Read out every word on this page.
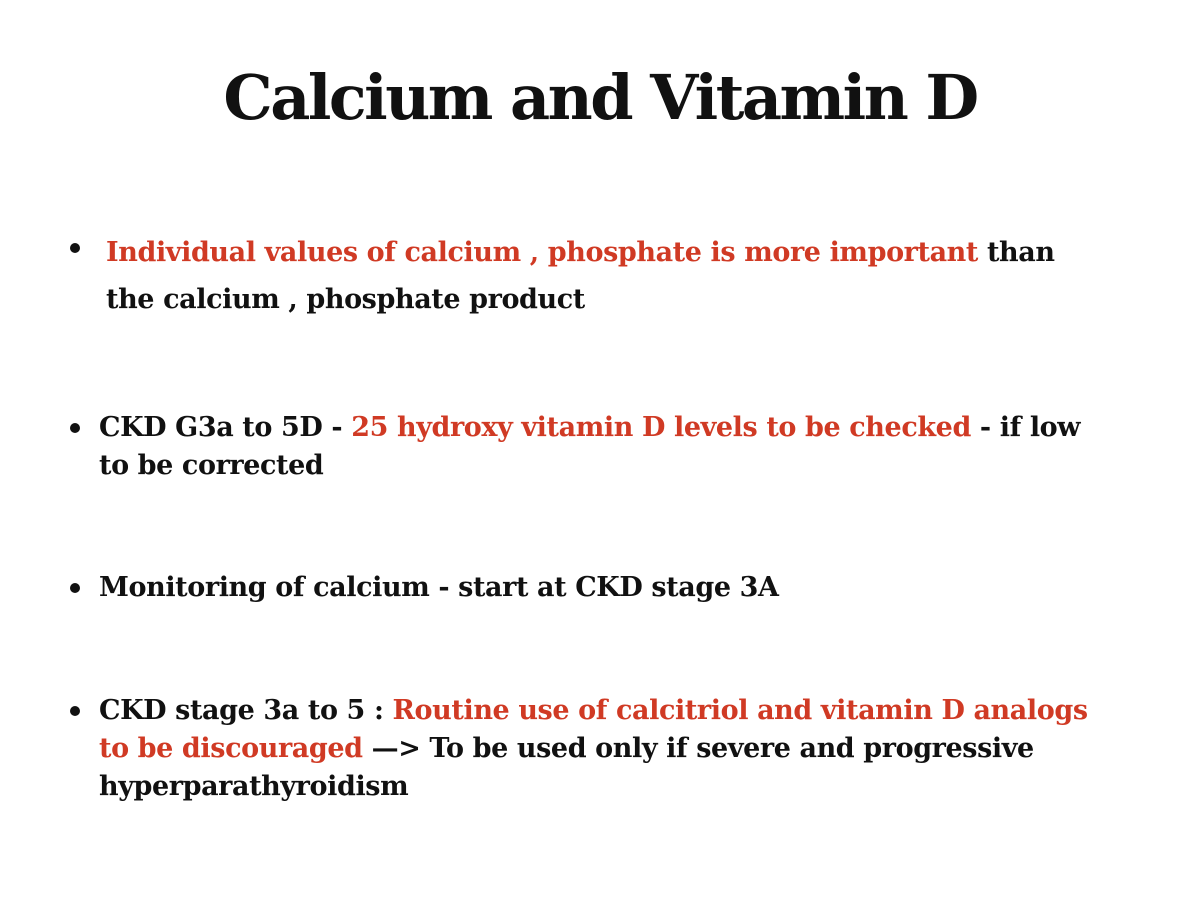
Calcium and Vitamin D
Individual values of calcium , phosphate is more important than the calcium , phosphate product
CKD G3a to 5D - 25 hydroxy vitamin D levels to be checked - if low to be corrected
Monitoring of calcium - start at CKD stage 3A
CKD stage 3a to 5 : Routine use of calcitriol and vitamin D analogs to be discouraged —> To be used only if severe and progressive hyperparathyroidism
